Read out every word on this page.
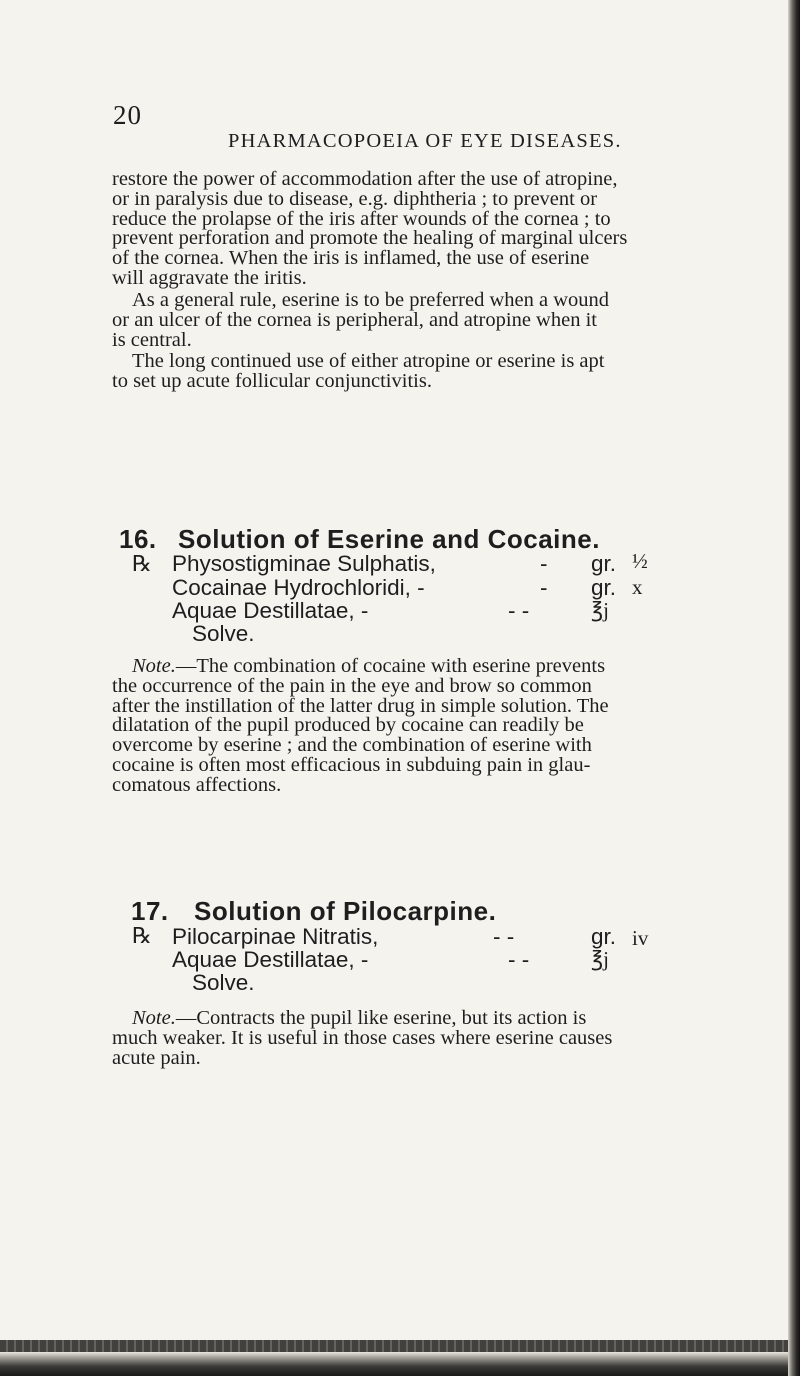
20
PHARMACOPOEIA OF EYE DISEASES.

restore the power of accommodation after the use of atropine,
or in paralysis due to disease, e.g. diphtheria ; to prevent or
reduce the prolapse of the iris after wounds of the cornea ; to
prevent perforation and promote the healing of marginal ulcers
of the cornea. When the iris is inflamed, the use of eserine
will aggravate the iritis.

As a general rule, eserine is to be preferred when a wound
or an ulcer of the cornea is peripheral, and atropine when it
is central.

The long continued use of either atropine or eserine is apt
to set up acute follicular conjunctivitis.

16. Solution of Eserine and Cocaine.
℞ Physostigminae Sulphatis,	- gr. ½
Cocainae Hydrochloridi, -	- gr. x
Aquae Destillatae, -	- -	℥j
Solve.

Note.—The combination of cocaine with eserine prevents
the occurrence of the pain in the eye and brow so common
after the instillation of the latter drug in simple solution. The
dilatation of the pupil produced by cocaine can readily be
overcome by eserine ; and the combination of eserine with
cocaine is often most efficacious in subduing pain in glau-
comatous affections.

17. Solution of Pilocarpine.
℞ Pilocarpinae Nitratis,	- -	gr. iv
Aquae Destillatae, -	- -	℥j
Solve.

Note.—Contracts the pupil like eserine, but its action is
much weaker. It is useful in those cases where eserine causes
acute pain.
